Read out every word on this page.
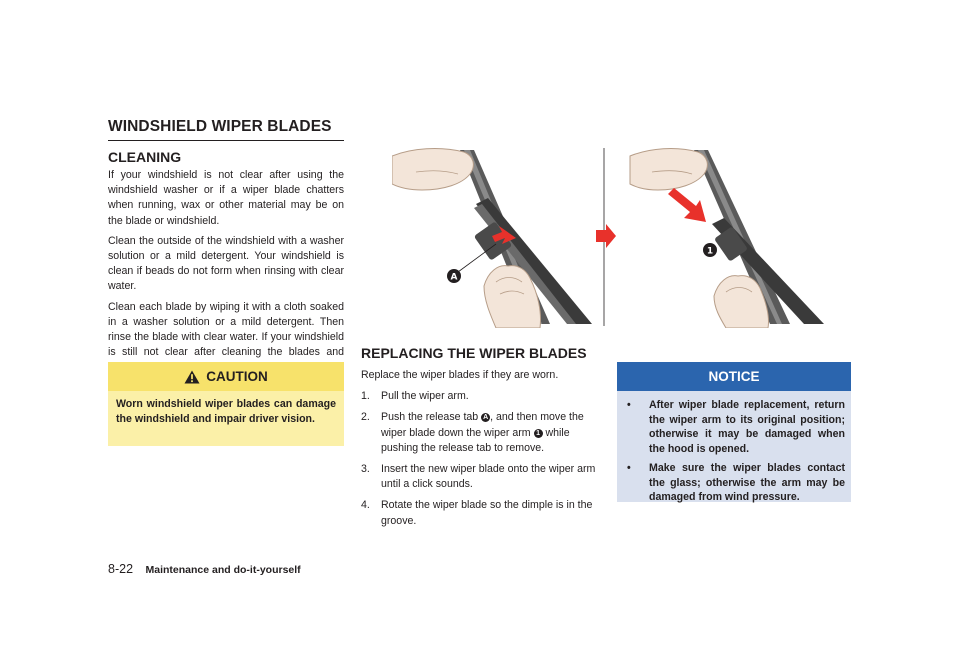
WINDSHIELD WIPER BLADES
CLEANING

If your windshield is not clear after using the windshield washer or if a wiper blade chatters when running, wax or other material may be on the blade or windshield.

Clean the outside of the windshield with a washer solution or a mild detergent. Your windshield is clean if beads do not form when rinsing with clear water.

Clean each blade by wiping it with a cloth soaked in a washer solution or a mild detergent. Then rinse the blade with clear water. If your windshield is still not clear after cleaning the blades and

CAUTION
Worn windshield wiper blades can damage the windshield and impair driver vision.
A
1
REPLACING THE WIPER BLADES

Replace the wiper blades if they are worn.

1. Pull the wiper arm.
2. Push the release tab A , and then move the wiper blade down the wiper arm 1 while pushing the release tab to remove.
3. Insert the new wiper blade onto the wiper arm until a click sounds.
4. Rotate the wiper blade so the dimple is in the groove.
NOTICE
• After wiper blade replacement, return the wiper arm to its original position; otherwise it may be damaged when the hood is opened.
• Make sure the wiper blades contact the glass; otherwise the arm may be damaged from wind pressure.
8-22 Maintenance and do-it-yourself
